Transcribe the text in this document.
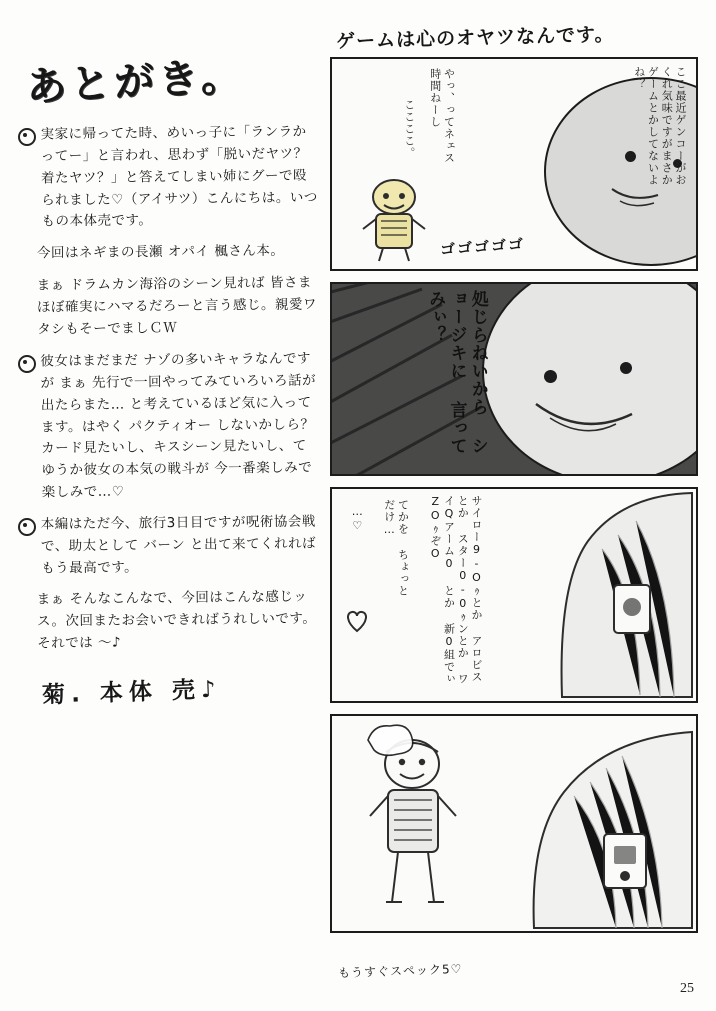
あとがき。
実家に帰ってた時、めいっ子に「ランラかってー」と言われ、思わず「脱いだヤツ？着たヤツ？」と答えてしまい姉にグーで殴られました♡（アイサツ）こんにちは。いつもの本体売です。
今回はネギまの長瀬 オパイ 楓さん本。
まぁ ドラムカン海浴のシーン見れば 皆さまほぼ確実にハマるだろーと言う感じ。親愛ワタシもそーでましＣＷ
彼女はまだまだ ナゾの多いキャラなんですが まぁ 先行で一回やってみていろいろ話が出たらまた… と考えているほど気に入ってます。はやく パクティオー しないかしら？カード見たいし、キスシーン見たいし、てゆうか彼女の本気の戦斗が 今一番楽しみで楽しみで…♡
本編はただ今、旅行3日目ですが呪術協会戦で、助太として バーン と出て来てくれれば もう最高です。
まぁ そんなこんなで、今回はこんな感じッス。次回またお会いできればうれしいです。それでは 〜♪
菊. 本体 売♪
ゲームは心のオヤツなんです。
ここ最近ゲンコーがおくれ気味ですがまさかゲームとかしてないよね？
やっ、ってネェス 時間ねーし
ここここ。
ゴゴゴゴゴ
処じらねいから ショージキに 言ってみぃ？
サイロー9-Oｩとか アロビスとか スター0-0ｩンとか ワイQアーム0 とか 新0組でぃZOｩぞO
てかを ちょっと だけ…
…♡
もうすぐスペック5♡
25
